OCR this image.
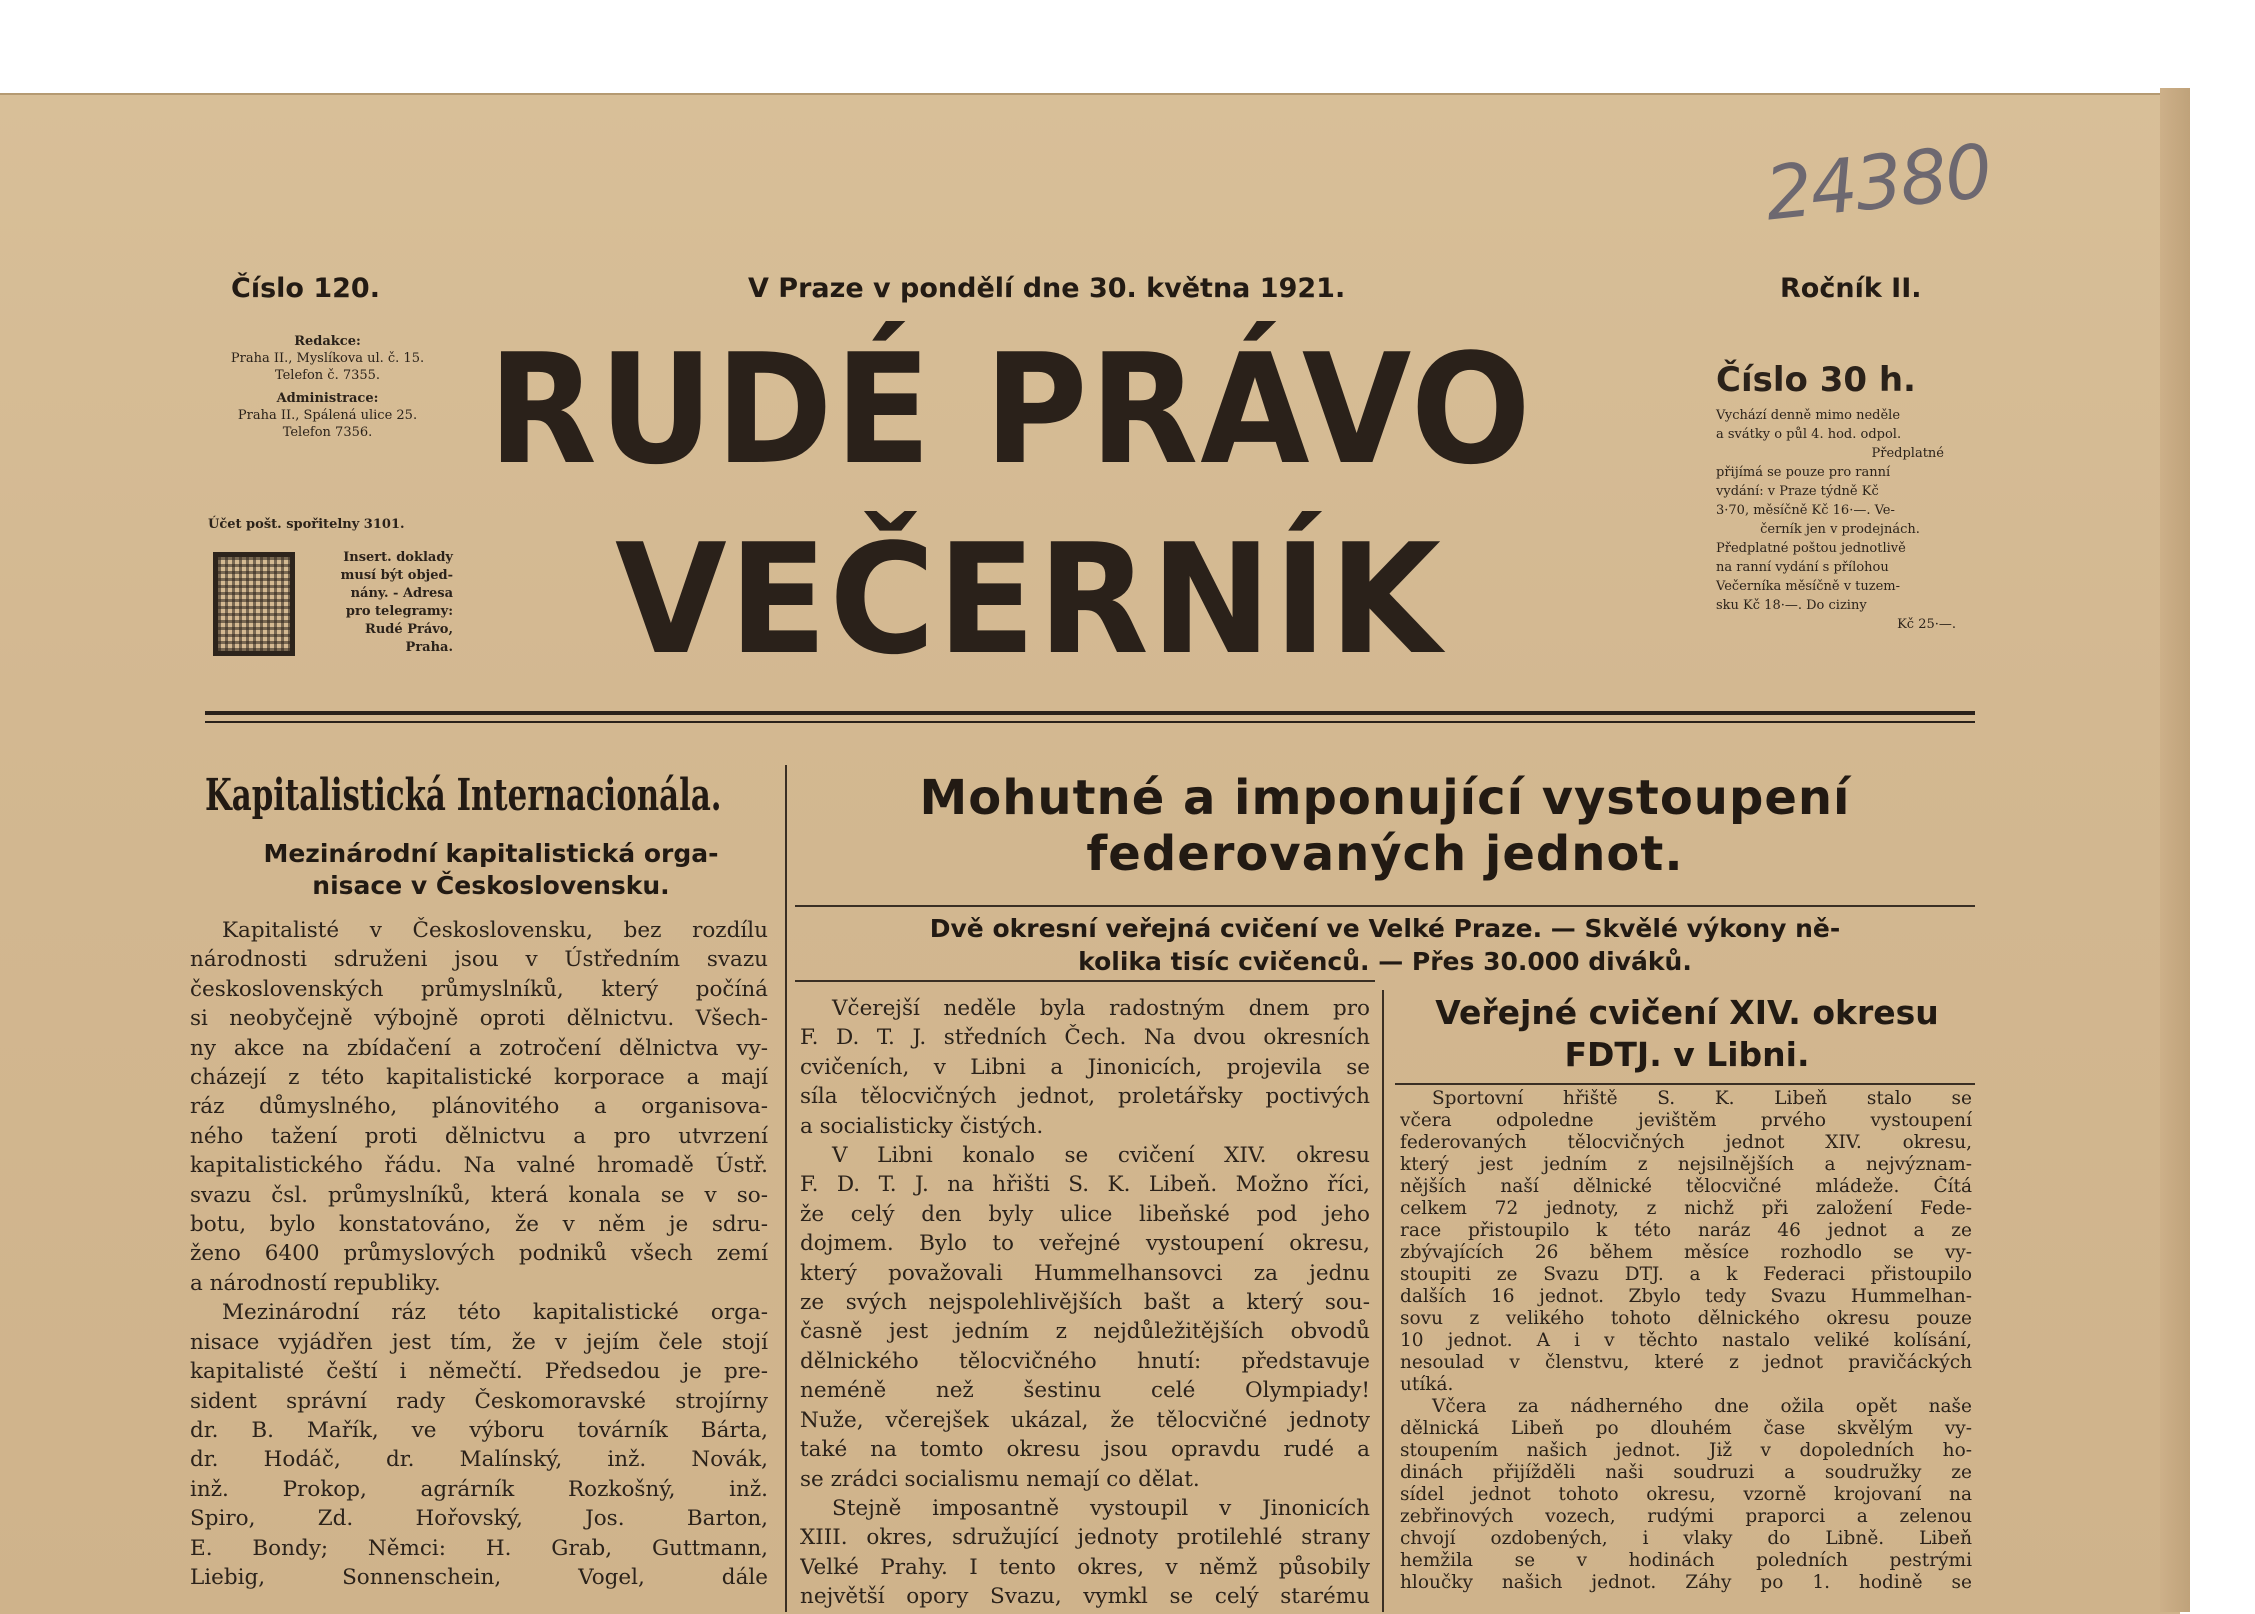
24380
Číslo 120.	V Praze v pondělí dne 30. května 1921.	Ročník II.
Redakce:
Praha II., Myslíkova ul. č. 15.
Telefon č. 7355.
Administrace:
Praha II., Spálená ulice 25.
Telefon 7356.
Účet pošt. spořitelny 3101.
Insert. doklady
musí být objed-
nány. - Adresa
pro telegramy:
Rudé Právo,
Praha.
RUDÉ PRÁVO
VEČERNÍK
Číslo 30 h.
Vychází denně mimo neděle
a svátky o půl 4. hod. odpol.
Předplatné
přijímá se pouze pro ranní
vydání: v Praze týdně Kč
3·70, měsíčně Kč 16·—. Ve-
černík jen v prodejnách.
Předplatné poštou jednotlivě
na ranní vydání s přílohou
Večerníka měsíčně v tuzem-
sku Kč 18·—. Do ciziny
Kč 25·—.
Kapitalistická Internacionála.
Mezinárodní kapitalistická orga-
nisace v Československu.
Kapitalisté v Československu, bez rozdílu
národnosti sdruženi jsou v Ústředním svazu
československých průmyslníků, který počíná
si neobyčejně výbojně oproti dělnictvu. Všech-
ny akce na zbídačení a zotročení dělnictva vy-
cházejí z této kapitalistické korporace a mají
ráz důmyslného, plánovitého a organisova-
ného tažení proti dělnictvu a pro utvrzení
kapitalistického řádu. Na valné hromadě Ústř.
svazu čsl. průmyslníků, která konala se v so-
botu, bylo konstatováno, že v něm je sdru-
ženo 6400 průmyslových podniků všech zemí
a národností republiky.
Mezinárodní ráz této kapitalistické orga-
nisace vyjádřen jest tím, že v jejím čele stojí
kapitalisté čeští i němečtí. Předsedou je pre-
sident správní rady Českomoravské strojírny
dr. B. Mařík, ve výboru továrník Bárta,
dr. Hodáč, dr. Malínský, inž. Novák,
inž. Prokop, agrárník Rozkošný, inž.
Spiro, Zd. Hořovský, Jos. Barton,
E. Bondy; Němci: H. Grab, Guttmann,
Liebig, Sonnenschein, Vogel, dále
Mohutné a imponující vystoupení
federovaných jednot.
Dvě okresní veřejná cvičení ve Velké Praze. — Skvělé výkony ně-
kolika tisíc cvičenců. — Přes 30.000 diváků.
Včerejší neděle byla radostným dnem pro
F. D. T. J. středních Čech. Na dvou okresních
cvičeních, v Libni a Jinonicích, projevila se
síla tělocvičných jednot, proletářsky poctivých
a socialisticky čistých.
V Libni konalo se cvičení XIV. okresu
F. D. T. J. na hřišti S. K. Libeň. Možno říci,
že celý den byly ulice libeňské pod jeho
dojmem. Bylo to veřejné vystoupení okresu,
který považovali Hummelhansovci za jednu
ze svých nejspolehlivějších bašt a který sou-
časně jest jedním z nejdůležitějších obvodů
dělnického tělocvičného hnutí: představuje
neméně než šestinu celé Olympiady!
Nuže, včerejšek ukázal, že tělocvičné jednoty
také na tomto okresu jsou opravdu rudé a
se zrádci socialismu nemají co dělat.
Stejně imposantně vystoupil v Jinonicích
XIII. okres, sdružující jednoty protilehlé strany
Velké Prahy. I tento okres, v němž působily
největší opory Svazu, vymkl se celý starému
Veřejné cvičení XIV. okresu
FDTJ. v Libni.
Sportovní hřiště S. K. Libeň stalo se
včera odpoledne jevištěm prvého vystoupení
federovaných tělocvičných jednot XIV. okresu,
který jest jedním z nejsilnějších a nejvýznam-
nějších naší dělnické tělocvičné mládeže. Čítá
celkem 72 jednoty, z nichž při založení Fede-
race přistoupilo k této naráz 46 jednot a ze
zbývajících 26 během měsíce rozhodlo se vy-
stoupiti ze Svazu DTJ. a k Federaci přistoupilo
dalších 16 jednot. Zbylo tedy Svazu Hummelhan-
sovu z velikého tohoto dělnického okresu pouze
10 jednot. A i v těchto nastalo veliké kolísání,
nesoulad v členstvu, které z jednot pravičáckých
utíká.
Včera za nádherného dne ožila opět naše
dělnická Libeň po dlouhém čase skvělým vy-
stoupením našich jednot. Již v dopoledních ho-
dinách přijížděli naši soudruzi a soudružky ze
sídel jednot tohoto okresu, vzorně krojovaní na
zebřinových vozech, rudými praporci a zelenou
chvojí ozdobených, i vlaky do Libně. Libeň
hemžila se v hodinách poledních pestrými
hloučky našich jednot. Záhy po 1. hodině se
